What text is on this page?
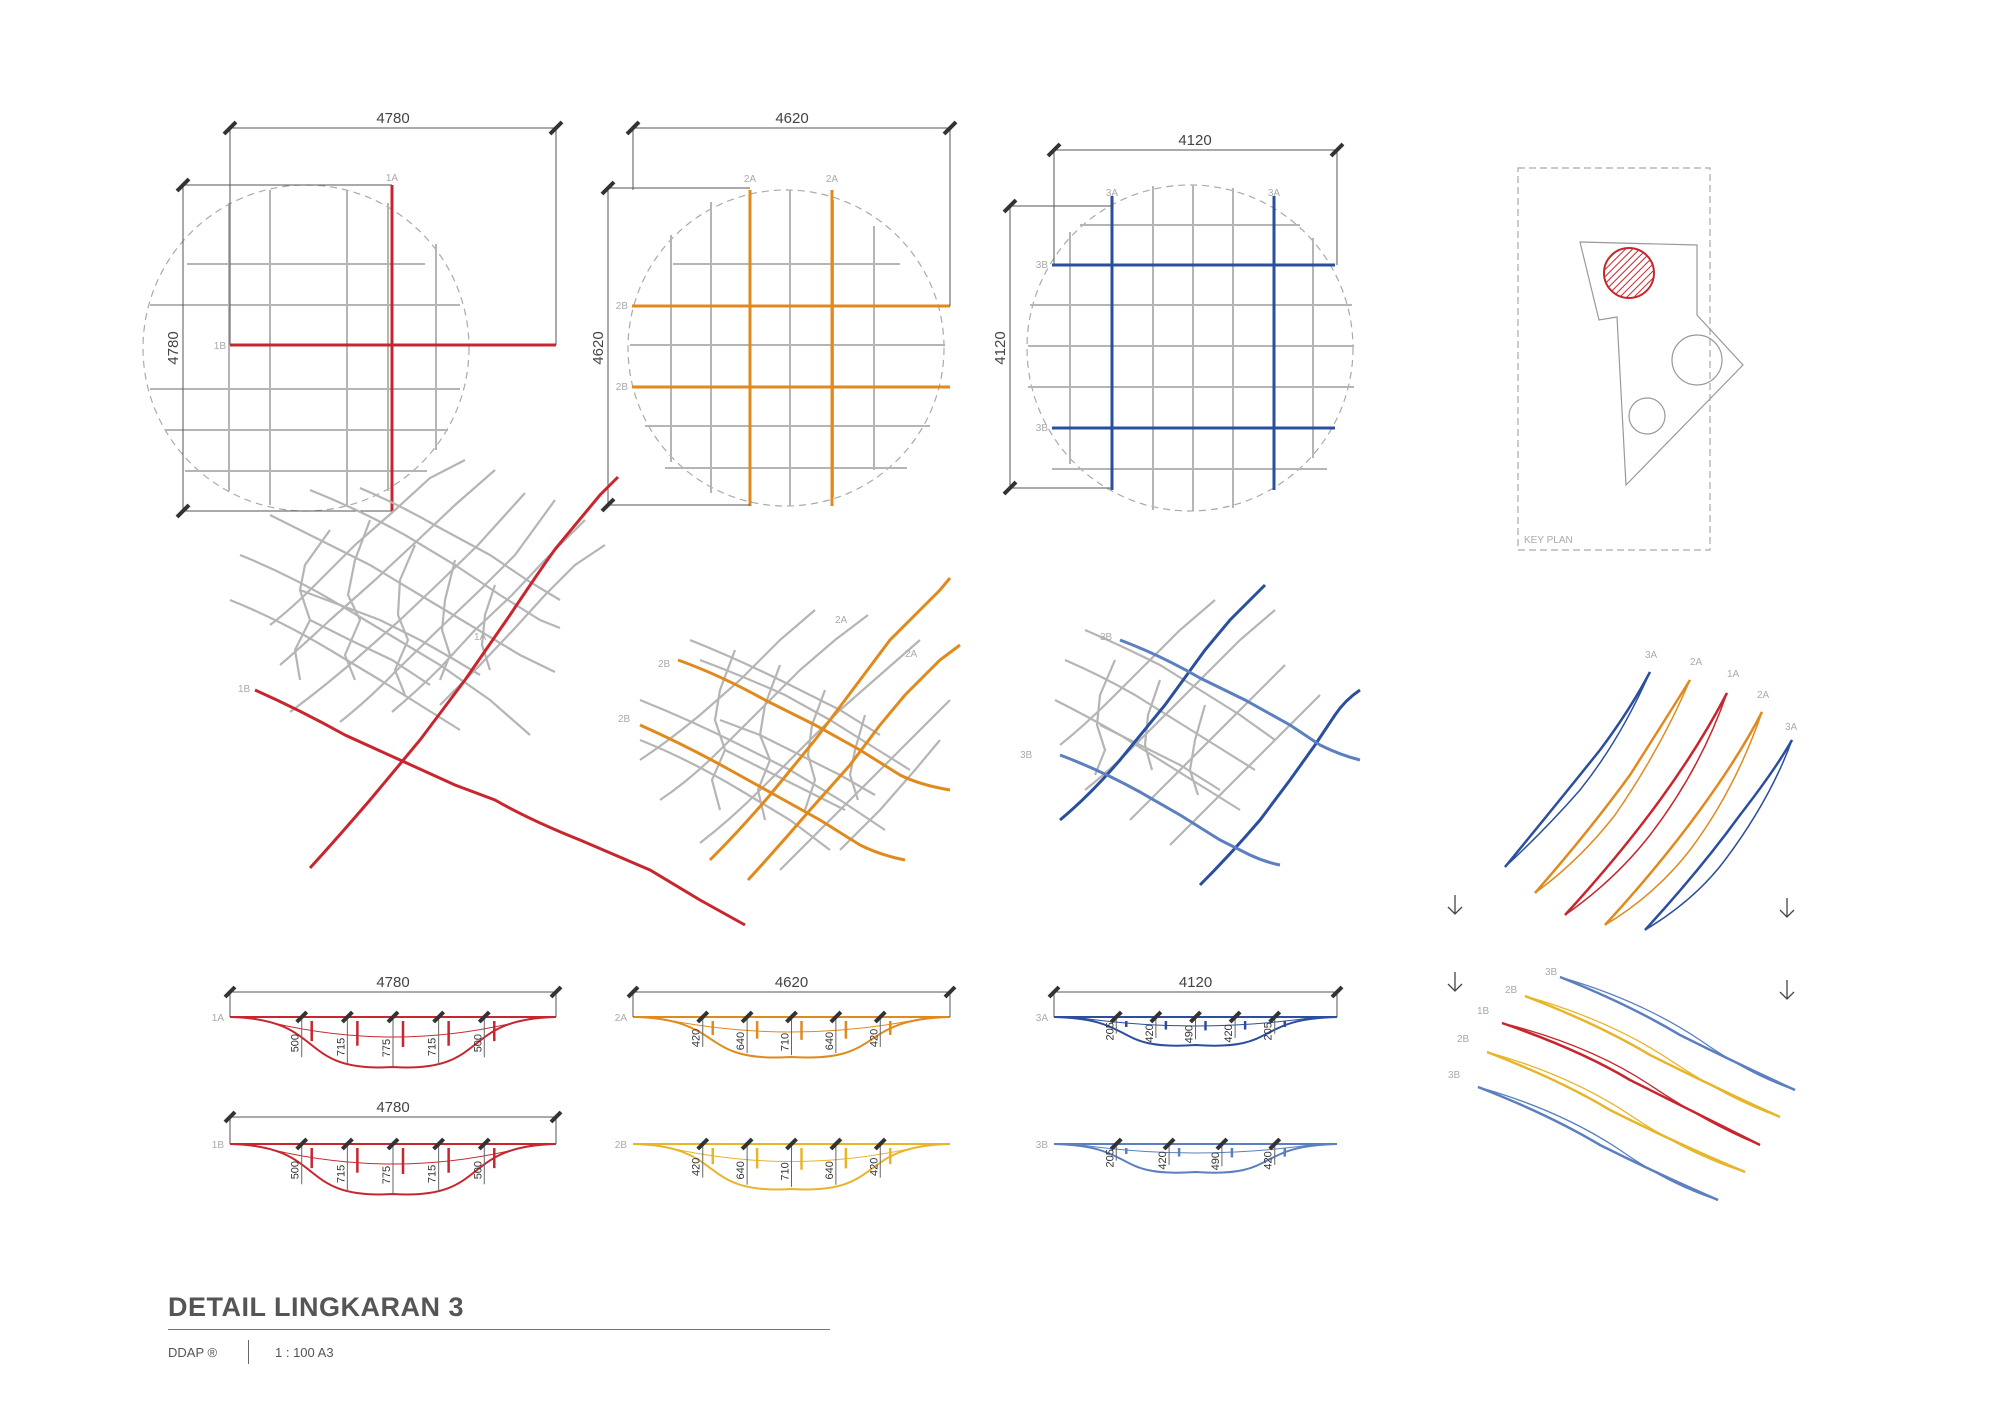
4780
4780
1A
1B
4620
4620
2A	2A
2B
2B
4120
4120
3A	3A
3B
3B
KEY PLAN
1A
1B
2A
2A
2B
2B
3B
3B
3A
2A
1A
2A
3A
3B
2B
1B
2B
3B
1A
4780
500	715	775	715	500
1B
4780
500	715	775	715	500
2A
4620
420	640	710	640	420
2B
420	640	710	640	420
3A
4120
205	420	490	420	205
3B
205	420	490	420
DETAIL LINGKARAN 3
DDAP ®	1 : 100 A3
